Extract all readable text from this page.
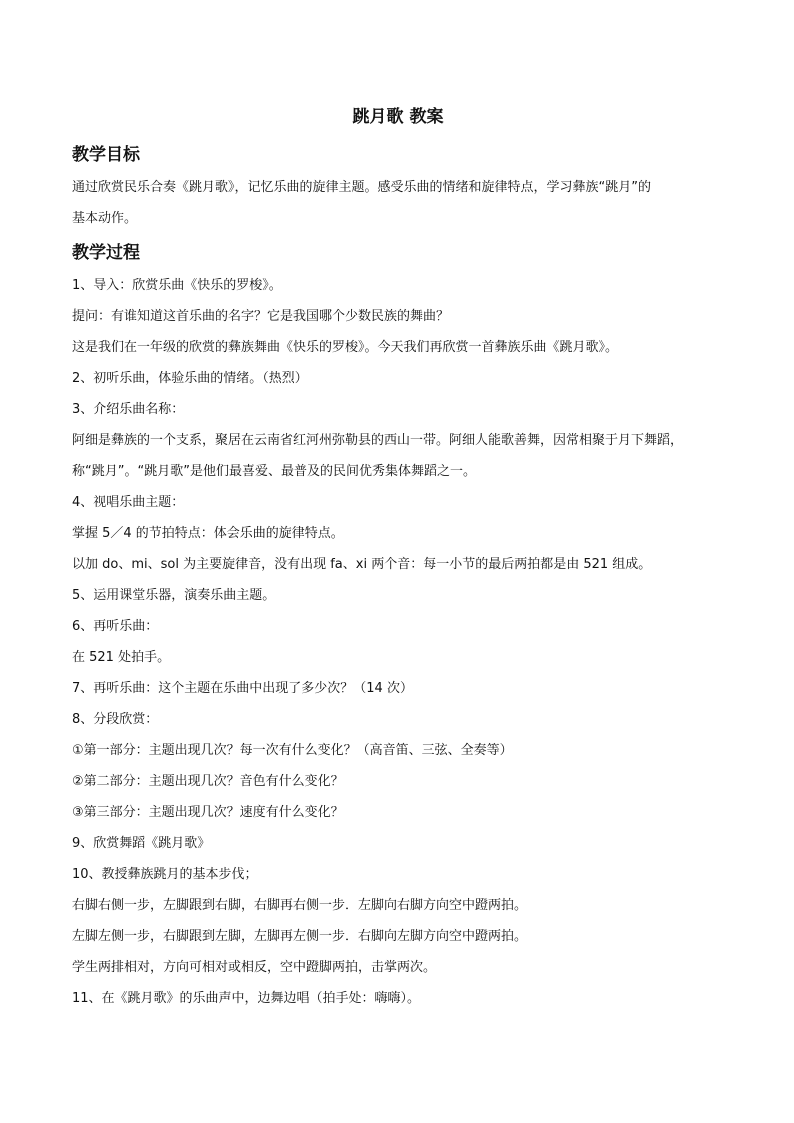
跳月歌 教案
教学目标

通过欣赏民乐合奏《跳月歌》，记忆乐曲的旋律主题。感受乐曲的情绪和旋律特点，学习彝族“跳月”的

基本动作。

教学过程

1、导入：欣赏乐曲《快乐的罗梭》。

提问：有谁知道这首乐曲的名字？它是我国哪个少数民族的舞曲？

这是我们在一年级的欣赏的彝族舞曲《快乐的罗梭》。今天我们再欣赏一首彝族乐曲《跳月歌》。

2、初听乐曲，体验乐曲的情绪。（热烈）

3、介绍乐曲名称：

阿细是彝族的一个支系，聚居在云南省红河州弥勒县的西山一带。阿细人能歌善舞，因常相聚于月下舞蹈，

称“跳月”。“跳月歌”是他们最喜爱、最普及的民间优秀集体舞蹈之一。

4、视唱乐曲主题：

掌握 5／4 的节拍特点：体会乐曲的旋律特点。

以加 do、mi、sol 为主要旋律音，没有出现 fa、xi 两个音：每一小节的最后两拍都是由 521 组成。

5、运用课堂乐器，演奏乐曲主题。

6、再听乐曲：

在 521 处拍手。

7、再听乐曲：这个主题在乐曲中出现了多少次？（14 次）

8、分段欣赏：

①第一部分：主题出现几次？每一次有什么变化？（高音笛、三弦、全奏等）

②第二部分：主题出现几次？音色有什么变化？

③第三部分：主题出现几次？速度有什么变化？

9、欣赏舞蹈《跳月歌》

10、教授彝族跳月的基本步伐；

右脚右侧一步，左脚跟到右脚，右脚再右侧一步．左脚向右脚方向空中蹬两拍。

左脚左侧一步，右脚跟到左脚，左脚再左侧一步．右脚向左脚方向空中蹬两拍。

学生两排相对，方向可相对或相反，空中蹬脚两拍，击掌两次。

11、在《跳月歌》的乐曲声中，边舞边唱（拍手处：嗨嗨）。
